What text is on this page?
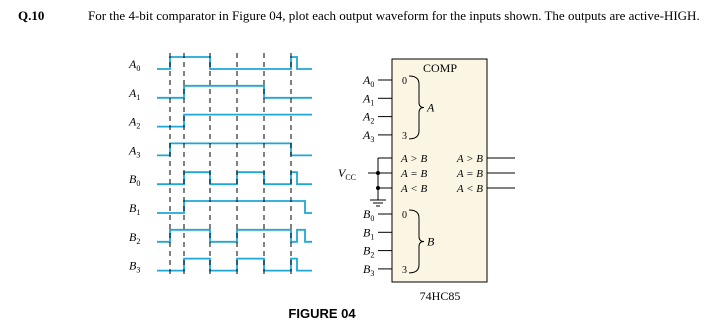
Q.10	For the 4-bit comparator in Figure 04, plot each output waveform for the inputs shown. The outputs are active-HIGH.
$A_0$
$A_1$
$A_2$
$A_3$
$B_0$
$B_1$
$B_2$
$B_3$
COMP
74HC85
$A_0$	0
$A_1$
$A_2$
$A_3$	3
A
$B_0$	0
$B_1$
$B_2$
$B_3$	3
B
A > B
A = B
A < B
$V_{CC}$
A > B
A = B
A < B
FIGURE 04
